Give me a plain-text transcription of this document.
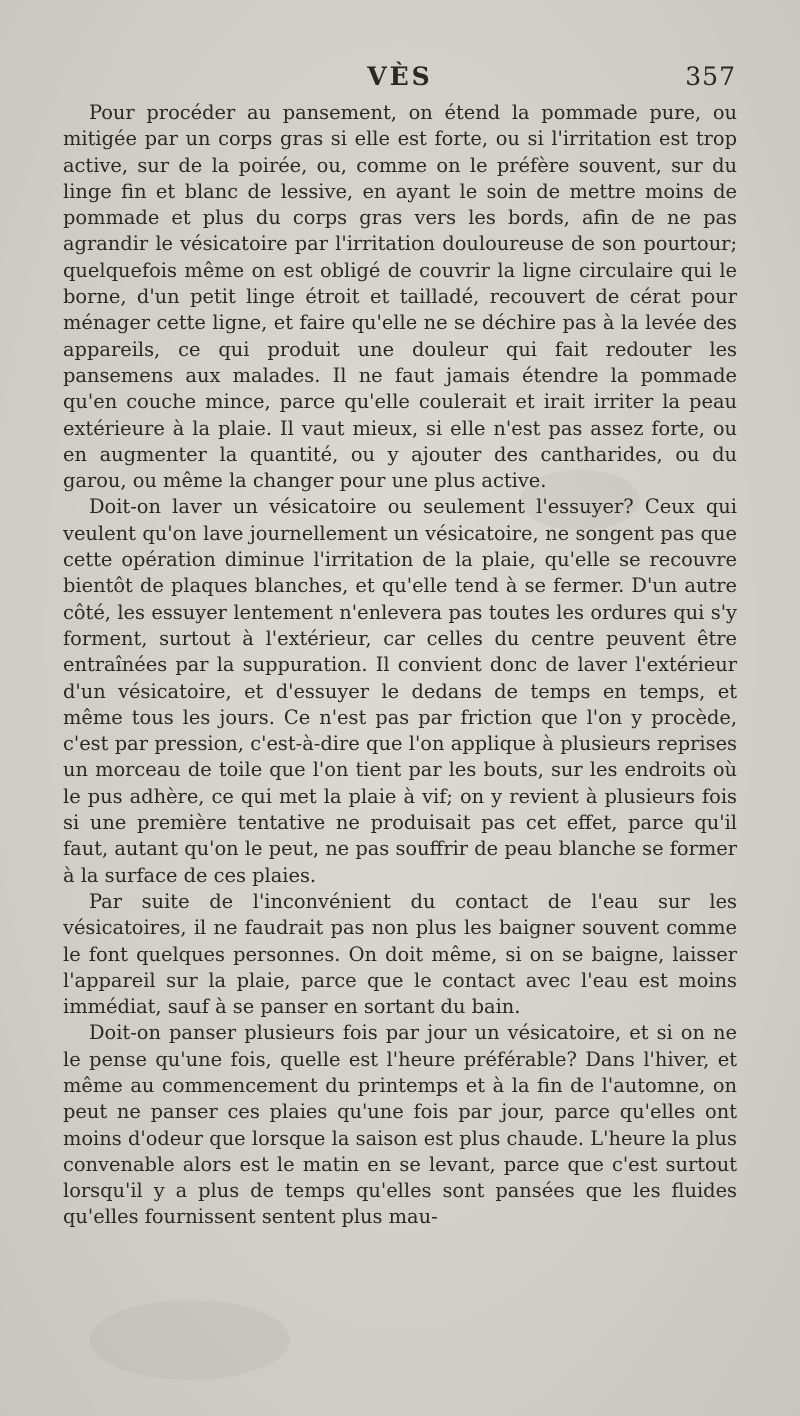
VÈS	357

Pour procéder au pansement, on étend la pommade pure, ou mitigée par un corps gras si elle est forte, ou si l'irritation est trop active, sur de la poirée, ou, comme on le préfère souvent, sur du linge fin et blanc de lessive, en ayant le soin de mettre moins de pommade et plus du corps gras vers les bords, afin de ne pas agrandir le vésicatoire par l'irritation douloureuse de son pourtour; quelquefois même on est obligé de couvrir la ligne circulaire qui le borne, d'un petit linge étroit et tailladé, recouvert de cérat pour ménager cette ligne, et faire qu'elle ne se déchire pas à la levée des appareils, ce qui produit une douleur qui fait redouter les pansemens aux malades. Il ne faut jamais étendre la pommade qu'en couche mince, parce qu'elle coulerait et irait irriter la peau extérieure à la plaie. Il vaut mieux, si elle n'est pas assez forte, ou en augmenter la quantité, ou y ajouter des cantharides, ou du garou, ou même la changer pour une plus active.

Doit-on laver un vésicatoire ou seulement l'essuyer? Ceux qui veulent qu'on lave journellement un vésicatoire, ne songent pas que cette opération diminue l'irritation de la plaie, qu'elle se recouvre bientôt de plaques blanches, et qu'elle tend à se fermer. D'un autre côté, les essuyer lentement n'enlevera pas toutes les ordures qui s'y forment, surtout à l'extérieur, car celles du centre peuvent être entraînées par la suppuration. Il convient donc de laver l'extérieur d'un vésicatoire, et d'essuyer le dedans de temps en temps, et même tous les jours. Ce n'est pas par friction que l'on y procède, c'est par pression, c'est-à-dire que l'on applique à plusieurs reprises un morceau de toile que l'on tient par les bouts, sur les endroits où le pus adhère, ce qui met la plaie à vif; on y revient à plusieurs fois si une première tentative ne produisait pas cet effet, parce qu'il faut, autant qu'on le peut, ne pas souffrir de peau blanche se former à la surface de ces plaies.

Par suite de l'inconvénient du contact de l'eau sur les vésicatoires, il ne faudrait pas non plus les baigner souvent comme le font quelques personnes. On doit même, si on se baigne, laisser l'appareil sur la plaie, parce que le contact avec l'eau est moins immédiat, sauf à se panser en sortant du bain.

Doit-on panser plusieurs fois par jour un vésicatoire, et si on ne le pense qu'une fois, quelle est l'heure préférable? Dans l'hiver, et même au commencement du printemps et à la fin de l'automne, on peut ne panser ces plaies qu'une fois par jour, parce qu'elles ont moins d'odeur que lorsque la saison est plus chaude. L'heure la plus convenable alors est le matin en se levant, parce que c'est surtout lorsqu'il y a plus de temps qu'elles sont pansées que les fluides qu'elles fournissent sentent plus mau-
